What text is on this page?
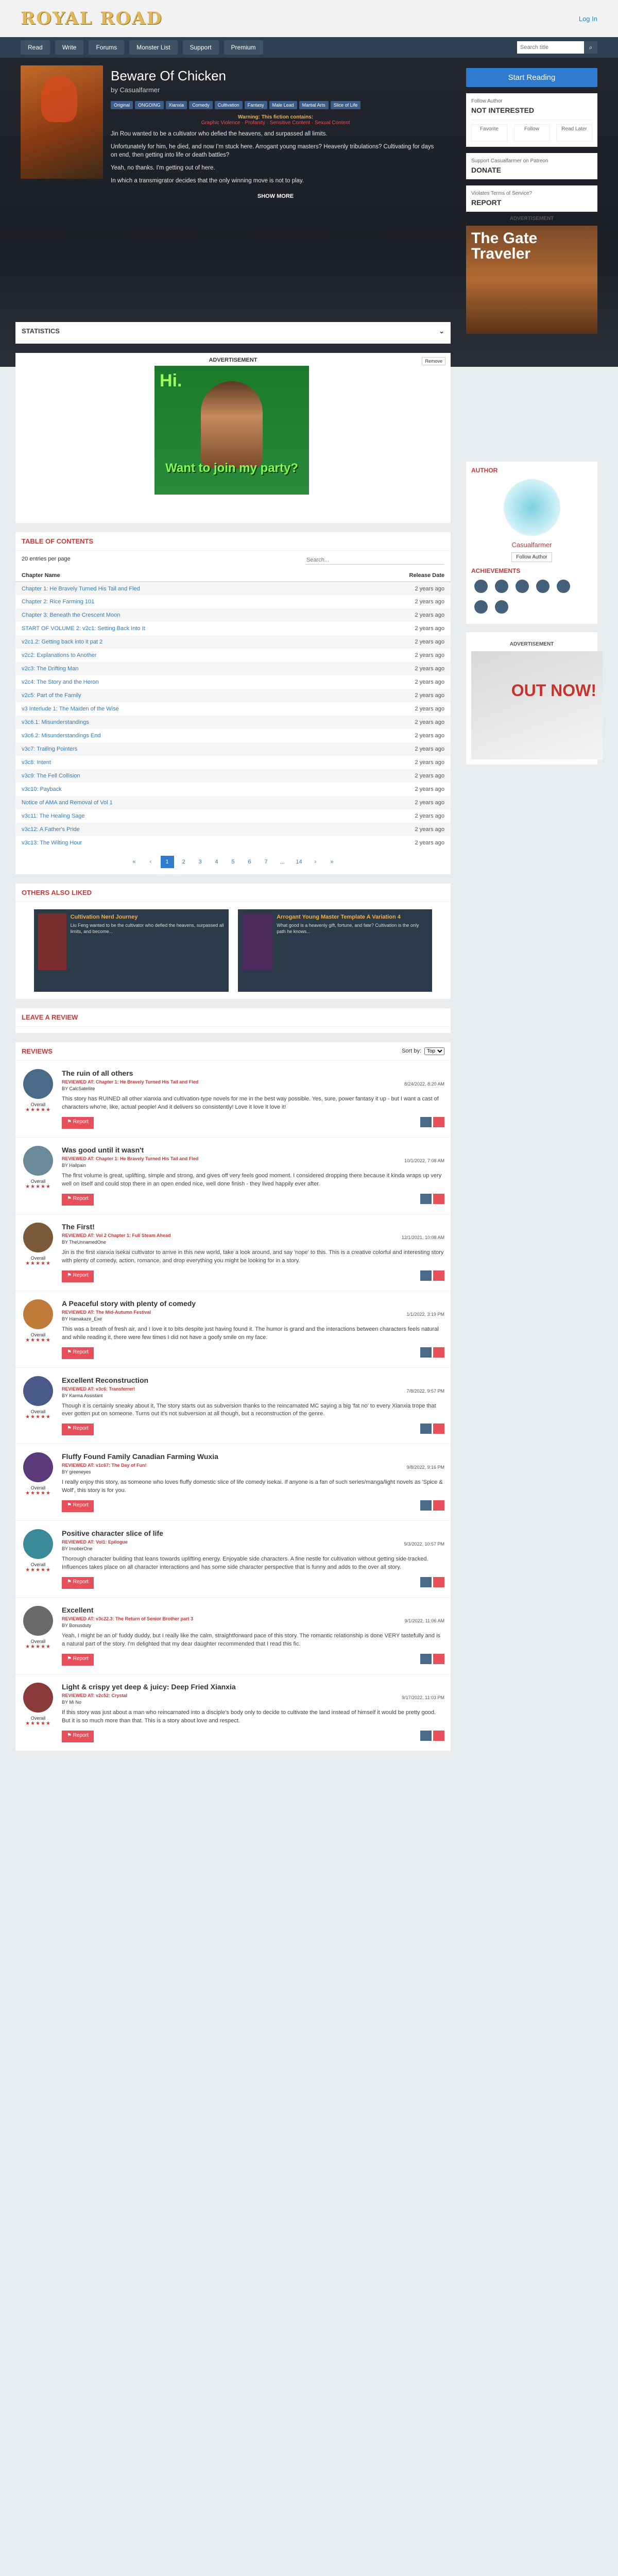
ROYAL ROAD	Log In
Read	Write	Forums	Monster List	Support	Premium
Search title	⌕
Beware Of Chicken
by Casualfarmer
Original	ONGOING	Xianxia	Comedy	Cultivation	Fantasy	Male Lead	Martial Arts	Slice of Life
Warning: This fiction contains:
Graphic Violence · Profanity · Sensitive Content · Sexual Content

Jin Rou wanted to be a cultivator who defied the heavens, and surpassed all limits.

Unfortunately for him, he died, and now I'm stuck here. Arrogant young masters? Heavenly tribulations? Cultivating for days on end, then getting into life or death battles?

Yeah, no thanks. I'm getting out of here.

In which a transmigrator decides that the only winning move is not to play.

SHOW MORE
Start Reading
Follow Author
NOT INTERESTED
Favorite	Follow	Read Later
Support Casualfarmer on Patreon
DONATE
Violates Terms of Service?
REPORT
ADVERTISEMENT
The Gate Traveler
STATISTICS	⌄
ADVERTISEMENT	Remove
Hi.
Want to join my party?
TABLE OF CONTENTS
20 entries per page
Search...
Chapter Name	Release Date
Chapter 1: He Bravely Turned His Tail and Fled	2 years ago
Chapter 2: Rice Farming 101	2 years ago
Chapter 3: Beneath the Crescent Moon	2 years ago
START OF VOLUME 2: v2c1: Setting Back Into It	2 years ago
v2c1.2: Getting back into it pat 2	2 years ago
v2c2: Explanations to Another	2 years ago
v2c3: The Drifting Man	2 years ago
v2c4: The Story and the Heron	2 years ago
v2c5: Part of the Family	2 years ago
v3 Interlude 1: The Maiden of the Wise	2 years ago
v3c6.1: Misunderstandings	2 years ago
v3c6.2: Misunderstandings End	2 years ago
v3c7: Trailing Pointers	2 years ago
v3c8: Intent	2 years ago
v3c9: The Fell Collision	2 years ago
v3c10: Payback	2 years ago
Notice of AMA and Removal of Vol 1	2 years ago
v3c11: The Healing Sage	2 years ago
v3c12: A Father's Pride	2 years ago
v3c13: The Wilting Hour	2 years ago
«	‹	1	2	3	4	5	6	7	...	14	›	»
OTHERS ALSO LIKED
Cultivation Nerd Journey
Liu Feng wanted to be the cultivator who defied the heavens, surpassed all limits, and become...
Arrogant Young Master Template A Variation 4
What good is a heavenly gift, fortune, and fate? Cultivation is the only path he knows...
LEAVE A REVIEW
REVIEWS	Sort by:
Top
Overall
★★★★★
The ruin of all others
REVIEWED AT: Chapter 1: He Bravely Turned His Tail and Fled
BY CalcSatellite
This story has RUINED all other xianxia and cultivation-type novels for me in the best way possible. Yes, sure, power fantasy it up - but I want a cast of characters who're, like, actual people! And it delivers so consistently! Love it love it love it!
⚑ Report
8/24/2022, 8:20 AM
Overall
★★★★★
Was good until it wasn't
REVIEWED AT: Chapter 1: He Bravely Turned His Tail and Fled
BY Hallpain
The first volume is great, uplifting, simple and strong, and gives off very feels good moment. I considered dropping there because it kinda wraps up very well on itself and could stop there in an open ended nice, well done finish - they lived happily ever after.
⚑ Report
10/1/2022, 7:08 AM
Overall
★★★★★
The First!
REVIEWED AT: Vol 2 Chapter 1: Full Steam Ahead
BY TheUnnamedOne
Jin is the first xianxia isekai cultivator to arrive in this new world, take a look around, and say 'nope' to this. This is a creative colorful and interesting story with plenty of comedy, action, romance, and drop everything you might be looking for in a story.
⚑ Report
12/1/2021, 10:08 AM
Overall
★★★★★
A Peaceful story with plenty of comedy
REVIEWED AT: The Mid-Autumn Festival
BY Hamakaze_Exe
This was a breath of fresh air, and I love it to bits despite just having found it. The humor is grand and the interactions between characters feels natural and while reading it, there were few times I did not have a goofy smile on my face.
⚑ Report
1/1/2022, 3:19 PM
Overall
★★★★★
Excellent Reconstruction
REVIEWED AT: v3c6: Transferrer!
BY Karma Assistant
Though it is certainly sneaky about it, The story starts out as subversion thanks to the reincarnated MC saying a big 'fat no' to every Xianxia trope that ever gotten put on someone. Turns out it's not subversion at all though, but a reconstruction of the genre.
⚑ Report
7/8/2022, 9:57 PM
Overall
★★★★★
Fluffy Found Family Canadian Farming Wuxia
REVIEWED AT: v1c67: The Day of Fun!
BY greeneyes
I really enjoy this story, as someone who loves fluffy domestic slice of life comedy isekai. If anyone is a fan of such series/manga/light novels as 'Spice & Wolf', this story is for you.
⚑ Report
9/8/2022, 9:16 PM
Overall
★★★★★
Positive character slice of life
REVIEWED AT: Vol1: Epilogue
BY ImoberOne
Thorough character building that leans towards uplifting energy. Enjoyable side characters. A fine nestle for cultivation without getting side-tracked. Influences takes place on all character interactions and has some side character perspective that is funny and adds to the over all story.
⚑ Report
9/3/2022, 10:57 PM
Overall
★★★★★
Excellent
REVIEWED AT: v3c22.3: The Return of Senior Brother part 3
BY Bonusduty
Yeah, I might be an ol' fuddy duddy, but I really like the calm, straightforward pace of this story. The romantic relationship is done VERY tastefully and is a natural part of the story. I'm delighted that my dear daughter recommended that I read this fic.
⚑ Report
9/1/2022, 11:06 AM
Overall
★★★★★
Light & crispy yet deep & juicy: Deep Fried Xianxia
REVIEWED AT: v2c52: Crystal
BY Mi No
If this story was just about a man who reincarnated into a disciple's body only to decide to cultivate the land instead of himself it would be pretty good. But it is so much more than that. This is a story about love and respect.
⚑ Report
9/17/2022, 11:03 PM
AUTHOR
Casualfarmer
Follow Author
ACHIEVEMENTS
ADVERTISEMENT
OUT NOW!
